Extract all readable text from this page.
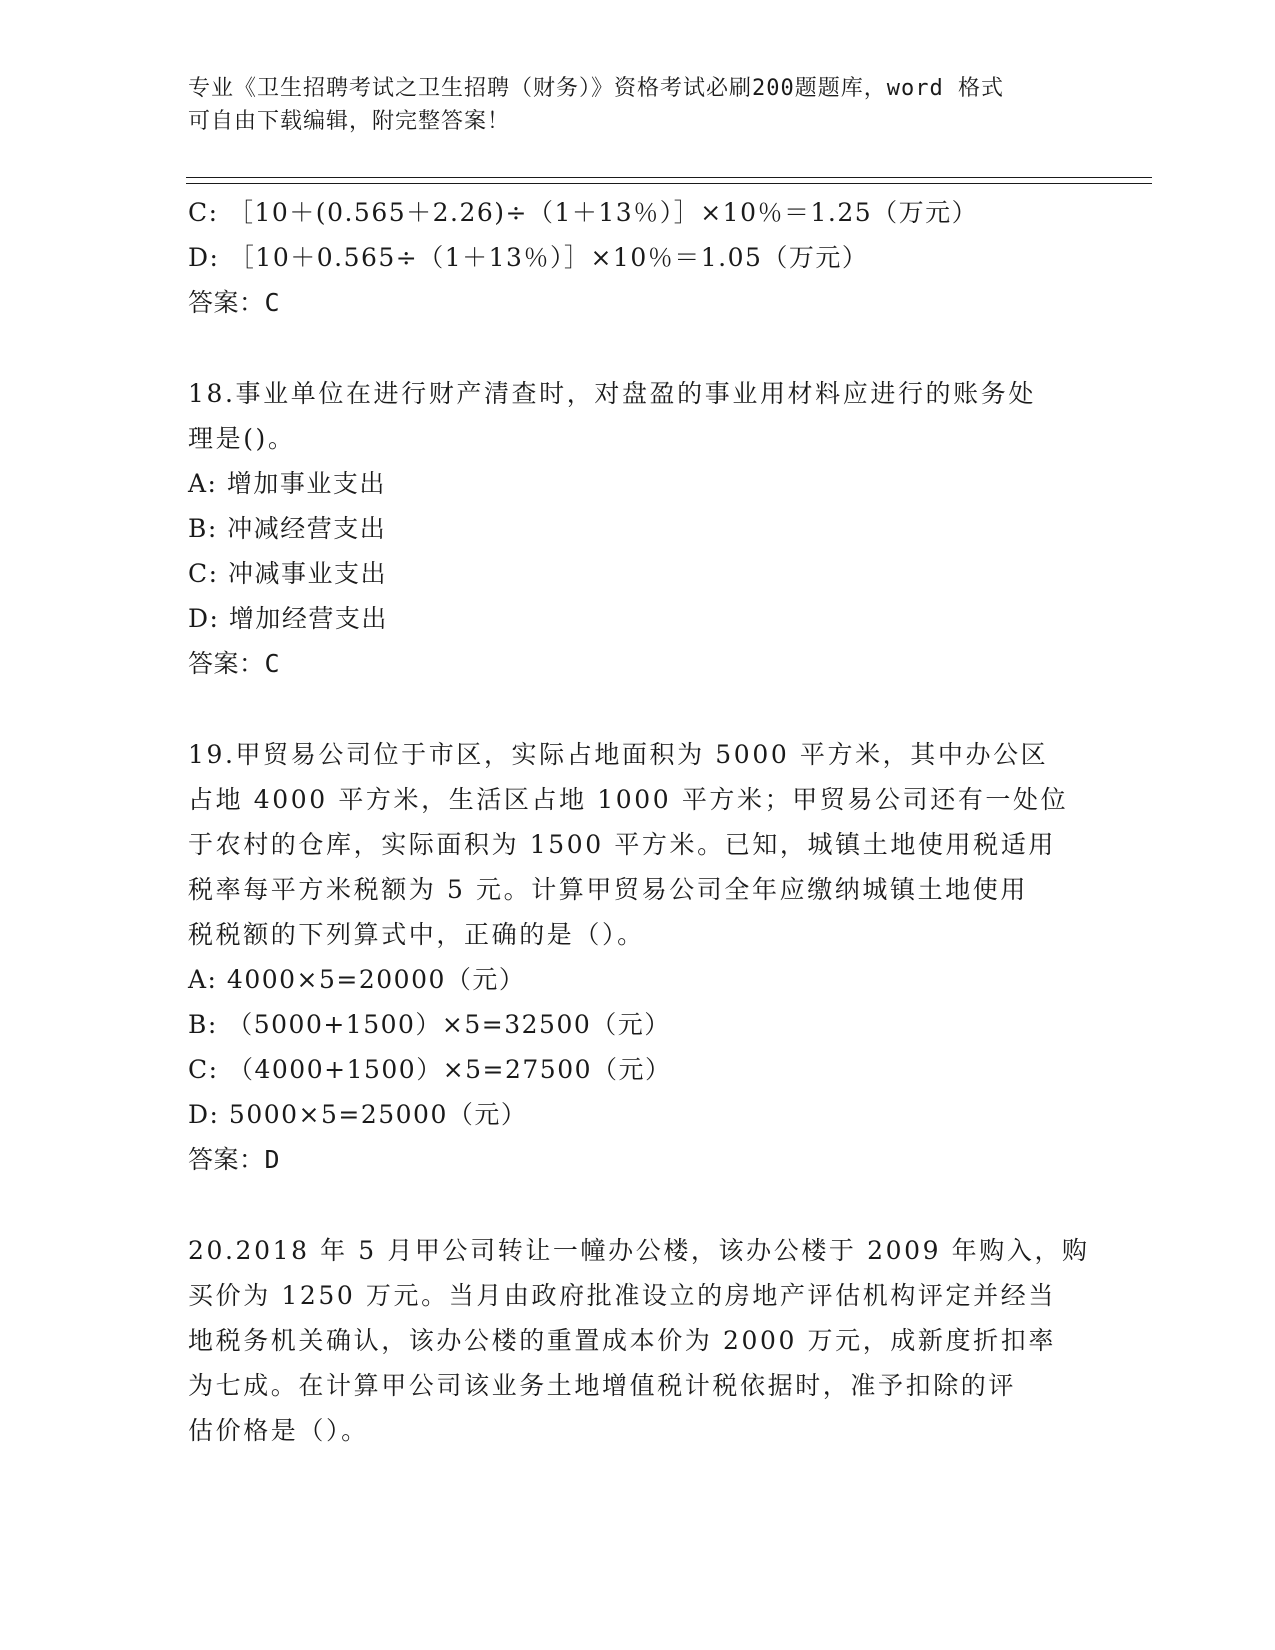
专业《卫生招聘考试之卫生招聘（财务）》资格考试必刷200题题库，word 格式
可自由下载编辑，附完整答案！
C: ［10＋(0.565＋2.26)÷（1＋13％）］×10％＝1.25（万元）
D: ［10＋0.565÷（1＋13％）］×10％＝1.05（万元）
答案：C
18.事业单位在进行财产清查时，对盘盈的事业用材料应进行的账务处
理是()。
A: 增加事业支出
B: 冲减经营支出
C: 冲减事业支出
D: 增加经营支出
答案：C
19.甲贸易公司位于市区，实际占地面积为 5000 平方米，其中办公区
占地 4000 平方米，生活区占地 1000 平方米；甲贸易公司还有一处位
于农村的仓库，实际面积为 1500 平方米。已知，城镇土地使用税适用
税率每平方米税额为 5 元。计算甲贸易公司全年应缴纳城镇土地使用
税税额的下列算式中，正确的是（）。
A: 4000×5=20000（元）
B: （5000+1500）×5=32500（元）
C: （4000+1500）×5=27500（元）
D: 5000×5=25000（元）
答案：D
20.2018 年 5 月甲公司转让一幢办公楼，该办公楼于 2009 年购入，购
买价为 1250 万元。当月由政府批准设立的房地产评估机构评定并经当
地税务机关确认，该办公楼的重置成本价为 2000 万元，成新度折扣率
为七成。在计算甲公司该业务土地增值税计税依据时，准予扣除的评
估价格是（）。
